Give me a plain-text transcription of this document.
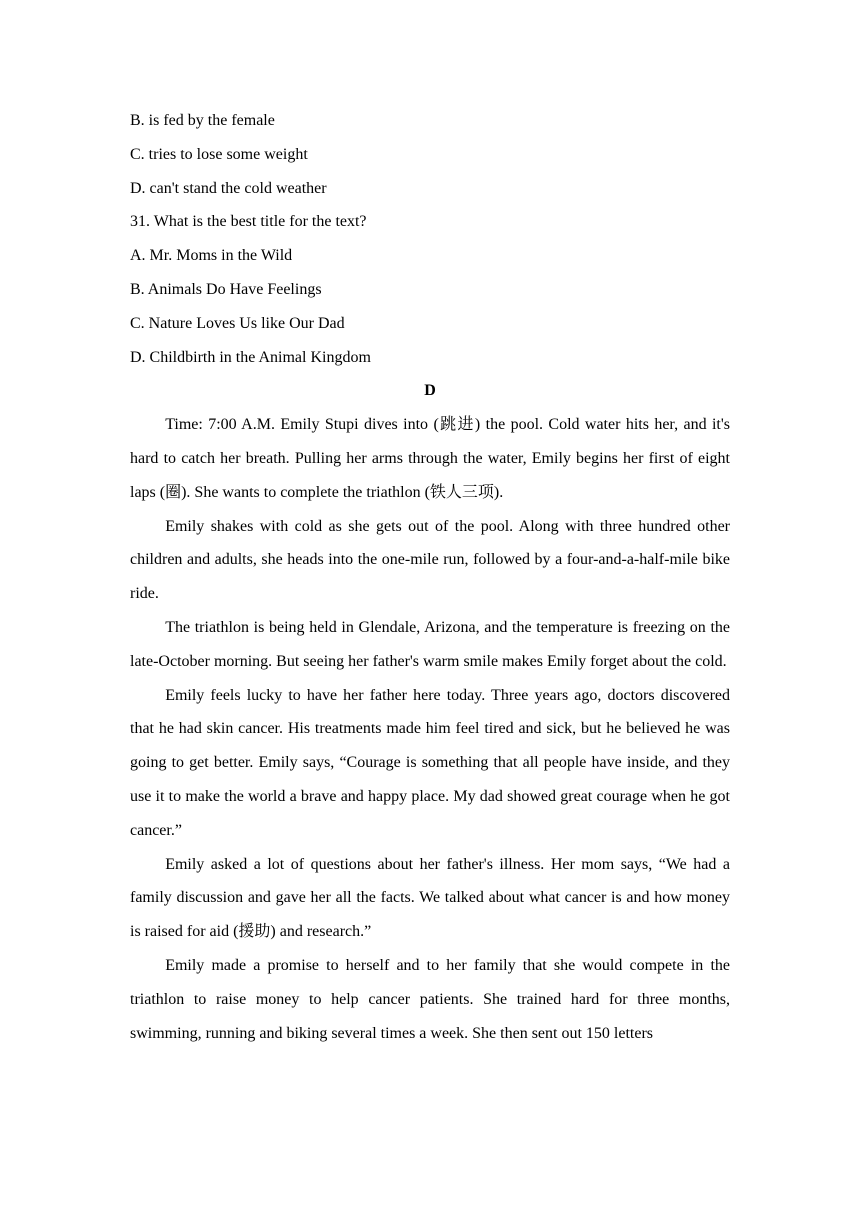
B. is fed by the female
C. tries to lose some weight
D. can't stand the cold weather
31. What is the best title for the text?
A. Mr. Moms in the Wild
B. Animals Do Have Feelings
C. Nature Loves Us like Our Dad
D. Childbirth in the Animal Kingdom
D

Time: 7:00 A.M. Emily Stupi dives into (跳进) the pool. Cold water hits her, and it's hard to catch her breath. Pulling her arms through the water, Emily begins her first of eight laps (圈). She wants to complete the triathlon (铁人三项).

Emily shakes with cold as she gets out of the pool. Along with three hundred other children and adults, she heads into the one-mile run, followed by a four-and-a-half-mile bike ride.

The triathlon is being held in Glendale, Arizona, and the temperature is freezing on the late-October morning. But seeing her father's warm smile makes Emily forget about the cold.

Emily feels lucky to have her father here today. Three years ago, doctors discovered that he had skin cancer. His treatments made him feel tired and sick, but he believed he was going to get better. Emily says, “Courage is something that all people have inside, and they use it to make the world a brave and happy place. My dad showed great courage when he got cancer.”

Emily asked a lot of questions about her father's illness. Her mom says, “We had a family discussion and gave her all the facts. We talked about what cancer is and how money is raised for aid (援助) and research.”

Emily made a promise to herself and to her family that she would compete in the triathlon to raise money to help cancer patients. She trained hard for three months, swimming, running and biking several times a week. She then sent out 150 letters
